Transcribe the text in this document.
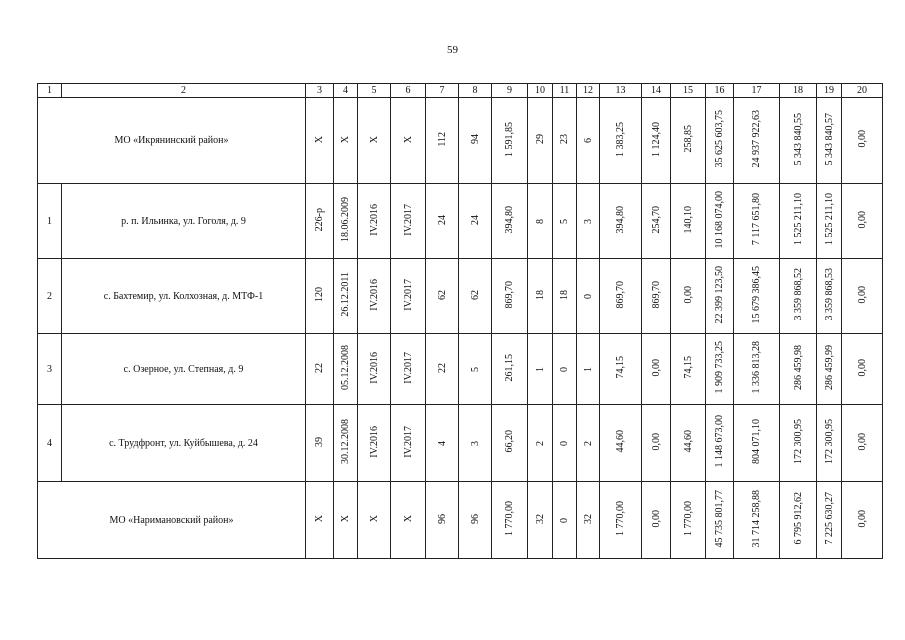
59
1	2	3	4	5	6	7	8	9	10	11	12	13	14	15	16	17	18	19	20
МО «Икрянинский район»		Х	Х	Х	Х	112	94	1 591,85	29	23	6	1 383,25	1 124,40	258,85	35 625 603,75	24 937 922,63	5 343 840,55	5 343 840,57	0,00
1	р. п. Ильинка, ул. Гоголя, д. 9	226-р	18.06.2009	IV.2016	IV.2017	24	24	394,80	8	5	3	394,80	254,70	140,10	10 168 074,00	7 117 651,80	1 525 211,10	1 525 211,10	0,00
2	с. Бахтемир, ул. Колхозная, д. МТФ-1	120	26.12.2011	IV.2016	IV.2017	62	62	869,70	18	18	0	869,70	869,70	0,00	22 399 123,50	15 679 386,45	3 359 868,52	3 359 868,53	0,00
3	с. Озерное, ул. Степная, д. 9	22	05.12.2008	IV.2016	IV.2017	22	5	261,15	1	0	1	74,15	0,00	74,15	1 909 733,25	1 336 813,28	286 459,98	286 459,99	0,00
4	с. Трудфронт, ул. Куйбышева, д. 24	39	30.12.2008	IV.2016	IV.2017	4	3	66,20	2	0	2	44,60	0,00	44,60	1 148 673,00	804 071,10	172 300,95	172 300,95	0,00
МО «Наримановский район»		Х	Х	Х	Х	96	96	1 770,00	32	0	32	1 770,00	0,00	1 770,00	45 735 801,77	31 714 258,88	6 795 912,62	7 225 630,27	0,00
